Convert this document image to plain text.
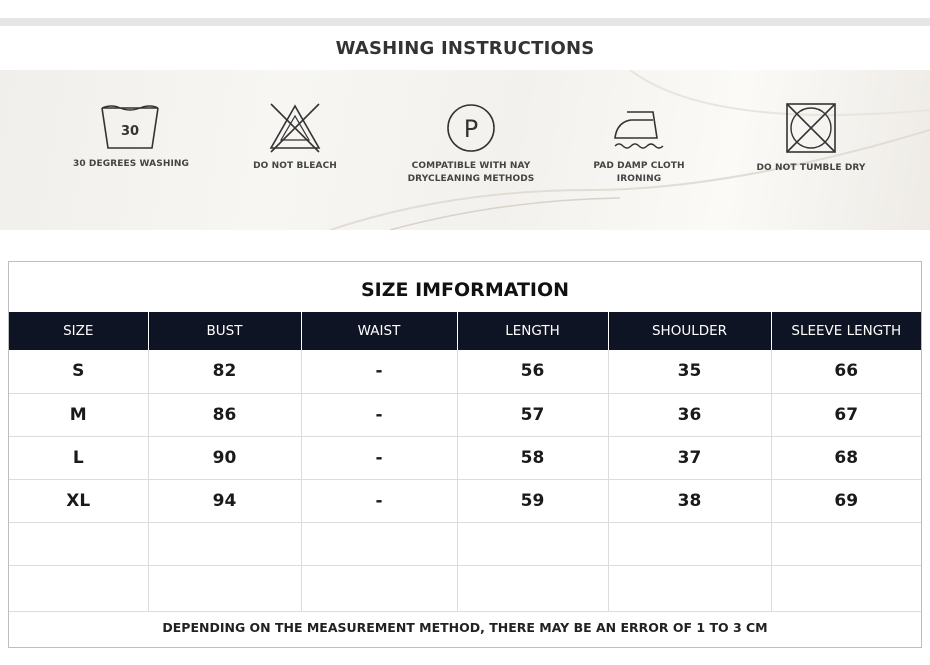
WASHING INSTRUCTIONS
30
30 DEGREES WASHING	DO NOT BLEACH
P
COMPATIBLE WITH NAY
DRYCLEANING METHODS
PAD DAMP CLOTH
IRONING
DO NOT TUMBLE DRY
SIZE IMFORMATION
SIZE	BUST	WAIST	LENGTH	SHOULDER	SLEEVE LENGTH
S	82	-	56	35	66
M	86	-	57	36	67
L	90	-	58	37	68
XL	94	-	59	38	69

DEPENDING ON THE MEASUREMENT METHOD, THERE MAY BE AN ERROR OF 1 TO 3 CM
